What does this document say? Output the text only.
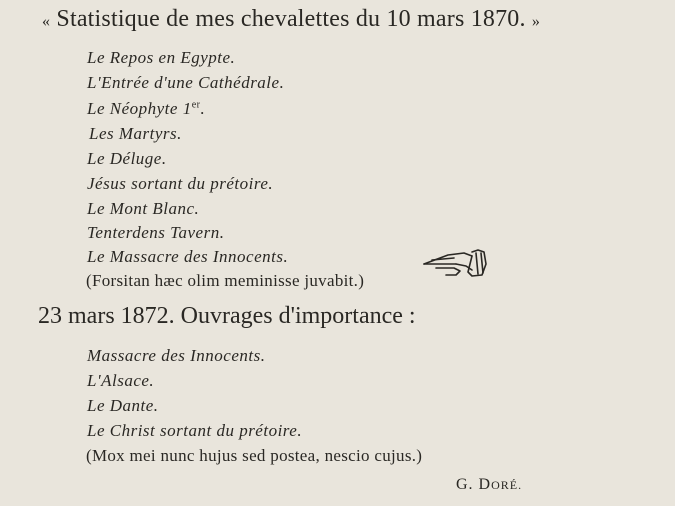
« Statistique de mes chevalettes du 10 mars 1870. »
Le Repos en Egypte.
L'Entrée d'une Cathédrale.
Le Néophyte 1er.
Les Martyrs.
Le Déluge.
Jésus sortant du prétoire.
Le Mont Blanc.
Tenterdens Tavern.
Le Massacre des Innocents.
(Forsitan hæc olim meminisse juvabit.)
23 mars 1872. Ouvrages d'importance :
Massacre des Innocents.
L'Alsace.
Le Dante.
Le Christ sortant du prétoire.
(Mox mei nunc hujus sed postea, nescio cujus.)
G. DORÉ.
